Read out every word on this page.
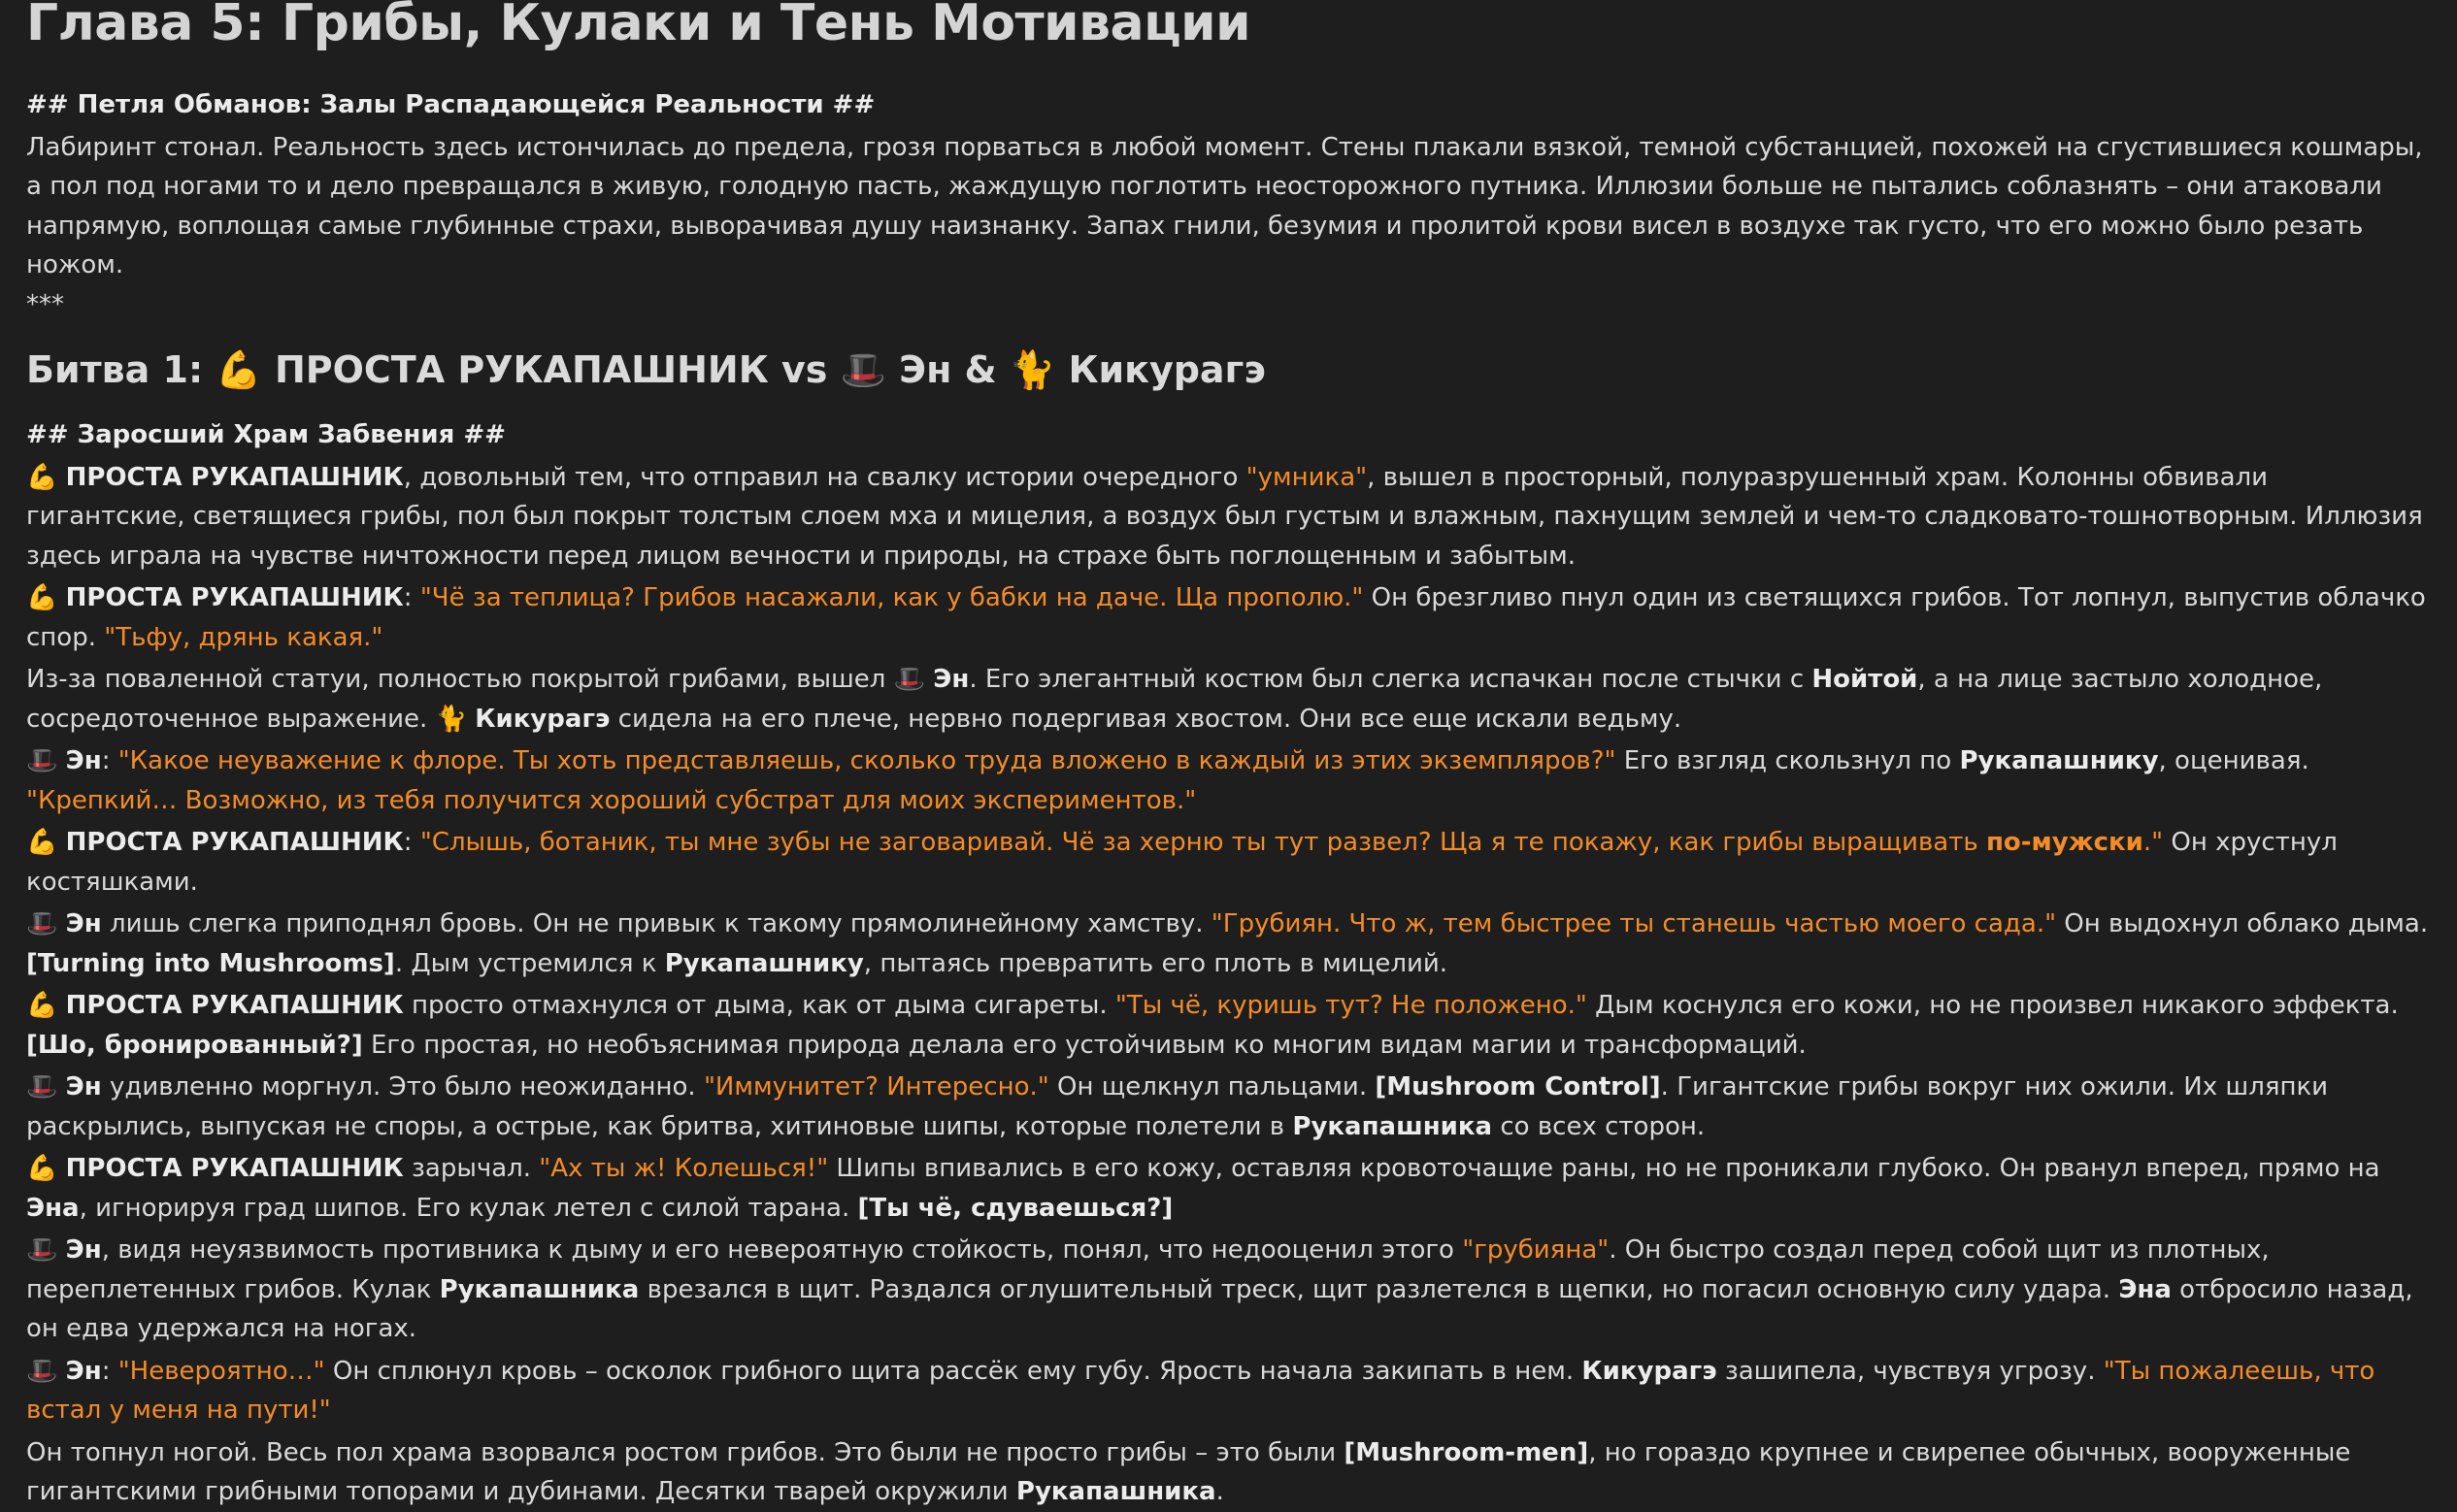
Глава 5: Грибы, Кулаки и Тень Мотивации

## Петля Обманов: Залы Распадающейся Реальности ##

Лабиринт стонал. Реальность здесь истончилась до предела, грозя порваться в любой момент. Стены плакали вязкой, темной субстанцией, похожей на сгустившиеся кошмары, а пол под ногами то и дело превращался в живую, голодную пасть, жаждущую поглотить неосторожного путника. Иллюзии больше не пытались соблазнять – они атаковали напрямую, воплощая самые глубинные страхи, выворачивая душу наизнанку. Запах гнили, безумия и пролитой крови висел в воздухе так густо, что его можно было резать ножом.

***

Битва 1: 💪 ПРОСТА РУКАПАШНИК vs 🎩 Эн & 🐈 Кикурагэ

## Заросший Храм Забвения ##

💪 ПРОСТА РУКАПАШНИК, довольный тем, что отправил на свалку истории очередного "умника", вышел в просторный, полуразрушенный храм. Колонны обвивали гигантские, светящиеся грибы, пол был покрыт толстым слоем мха и мицелия, а воздух был густым и влажным, пахнущим землей и чем-то сладковато-тошнотворным. Иллюзия здесь играла на чувстве ничтожности перед лицом вечности и природы, на страхе быть поглощенным и забытым.

💪 ПРОСТА РУКАПАШНИК: "Чё за теплица? Грибов насажали, как у бабки на даче. Ща прополю." Он брезгливо пнул один из светящихся грибов. Тот лопнул, выпустив облачко спор. "Тьфу, дрянь какая."

Из-за поваленной статуи, полностью покрытой грибами, вышел 🎩 Эн. Его элегантный костюм был слегка испачкан после стычки с Нойтой, а на лице застыло холодное, сосредоточенное выражение. 🐈 Кикурагэ сидела на его плече, нервно подергивая хвостом. Они все еще искали ведьму.

🎩 Эн: "Какое неуважение к флоре. Ты хоть представляешь, сколько труда вложено в каждый из этих экземпляров?" Его взгляд скользнул по Рукапашнику, оценивая. "Крепкий… Возможно, из тебя получится хороший субстрат для моих экспериментов."

💪 ПРОСТА РУКАПАШНИК: "Слышь, ботаник, ты мне зубы не заговаривай. Чё за херню ты тут развел? Ща я те покажу, как грибы выращивать по-мужски." Он хрустнул костяшками.

🎩 Эн лишь слегка приподнял бровь. Он не привык к такому прямолинейному хамству. "Грубиян. Что ж, тем быстрее ты станешь частью моего сада." Он выдохнул облако дыма. [Turning into Mushrooms]. Дым устремился к Рукапашнику, пытаясь превратить его плоть в мицелий.

💪 ПРОСТА РУКАПАШНИК просто отмахнулся от дыма, как от дыма сигареты. "Ты чё, куришь тут? Не положено." Дым коснулся его кожи, но не произвел никакого эффекта. [Шо, бронированный?] Его простая, но необъяснимая природа делала его устойчивым ко многим видам магии и трансформаций.

🎩 Эн удивленно моргнул. Это было неожиданно. "Иммунитет? Интересно." Он щелкнул пальцами. [Mushroom Control]. Гигантские грибы вокруг них ожили. Их шляпки раскрылись, выпуская не споры, а острые, как бритва, хитиновые шипы, которые полетели в Рукапашника со всех сторон.

💪 ПРОСТА РУКАПАШНИК зарычал. "Ах ты ж! Колешься!" Шипы впивались в его кожу, оставляя кровоточащие раны, но не проникали глубоко. Он рванул вперед, прямо на Эна, игнорируя град шипов. Его кулак летел с силой тарана. [Ты чё, сдуваешься?]

🎩 Эн, видя неуязвимость противника к дыму и его невероятную стойкость, понял, что недооценил этого "грубияна". Он быстро создал перед собой щит из плотных, переплетенных грибов. Кулак Рукапашника врезался в щит. Раздался оглушительный треск, щит разлетелся в щепки, но погасил основную силу удара. Эна отбросило назад, он едва удержался на ногах.

🎩 Эн: "Невероятно…" Он сплюнул кровь – осколок грибного щита рассёк ему губу. Ярость начала закипать в нем. Кикурагэ зашипела, чувствуя угрозу. "Ты пожалеешь, что встал у меня на пути!"

Он топнул ногой. Весь пол храма взорвался ростом грибов. Это были не просто грибы – это были [Mushroom-men], но гораздо крупнее и свирепее обычных, вооруженные гигантскими грибными топорами и дубинами. Десятки тварей окружили Рукапашника.
